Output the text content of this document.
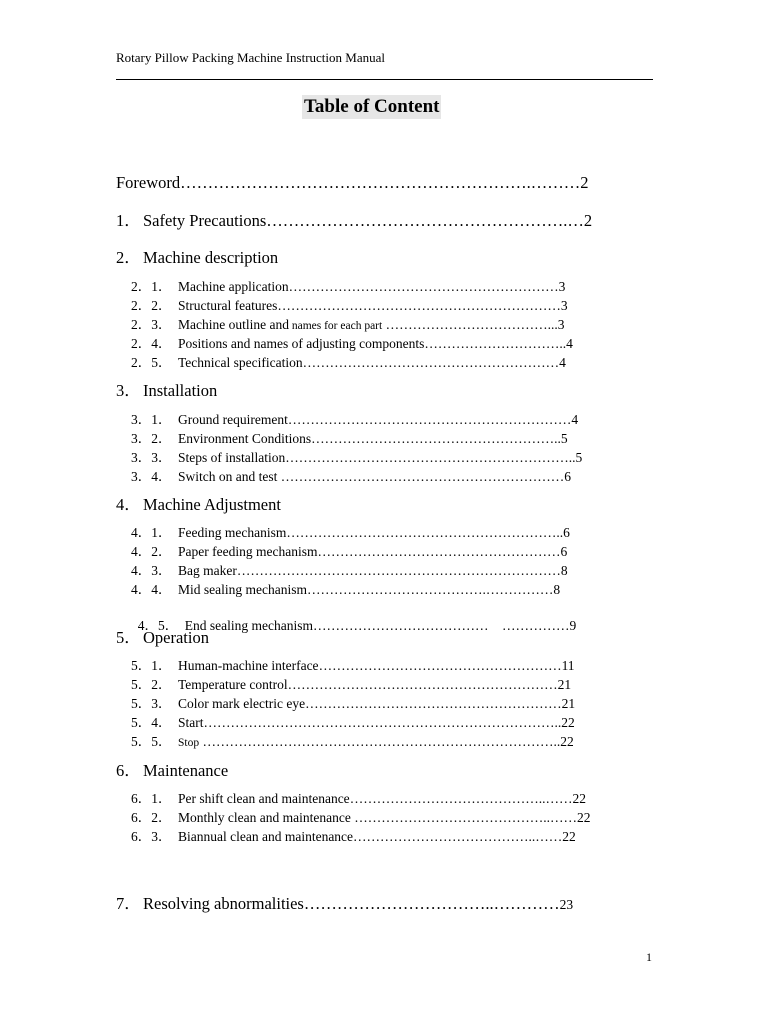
Rotary Pillow Packing Machine Instruction Manual
Table of Content
Foreword……………………………………………………….………2
1． Safety Precautions……………………………………………….…2
2． Machine description
2．1． Machine application……………………………………………………3
2．2． Structural features………………………………………………………3
2．3． Machine outline and names for each part ………………………………...3
2．4． Positions and names of adjusting components…………………………..4
2．5． Technical specification…………………………………………………4
3． Installation
3．1． Ground requirement………………………………………………………4
3．2． Environment Conditions………………………………………………..5
3．3． Steps of installation………………………………………………………..5
3．4． Switch on and test ………………………………………………………6
4． Machine Adjustment
4．1． Feeding mechanism……………………………………………………..6
4．2． Paper feeding mechanism………………………………………………6
4．3． Bag maker………………………………………………………………8
4．4． Mid sealing mechanism………………………………….……………8

4．5． End sealing mechanism…………………………………    ……………9

5． Operation
5．1． Human-machine interface………………………………………………11
5．2． Temperature control……………………………………………………21
5．3． Color mark electric eye…………………………………………………21
5．4． Start……………………………………………………………………..22
5．5． Stop ……………………………………………………………………..22
6． Maintenance
6．1． Per shift clean and maintenance……………………………………..……22
6．2． Monthly clean and maintenance ……………………………………..……22
6．3． Biannual clean and maintenance…………………………………..……22
7． Resolving abnormalities……………………………..…………23
1
